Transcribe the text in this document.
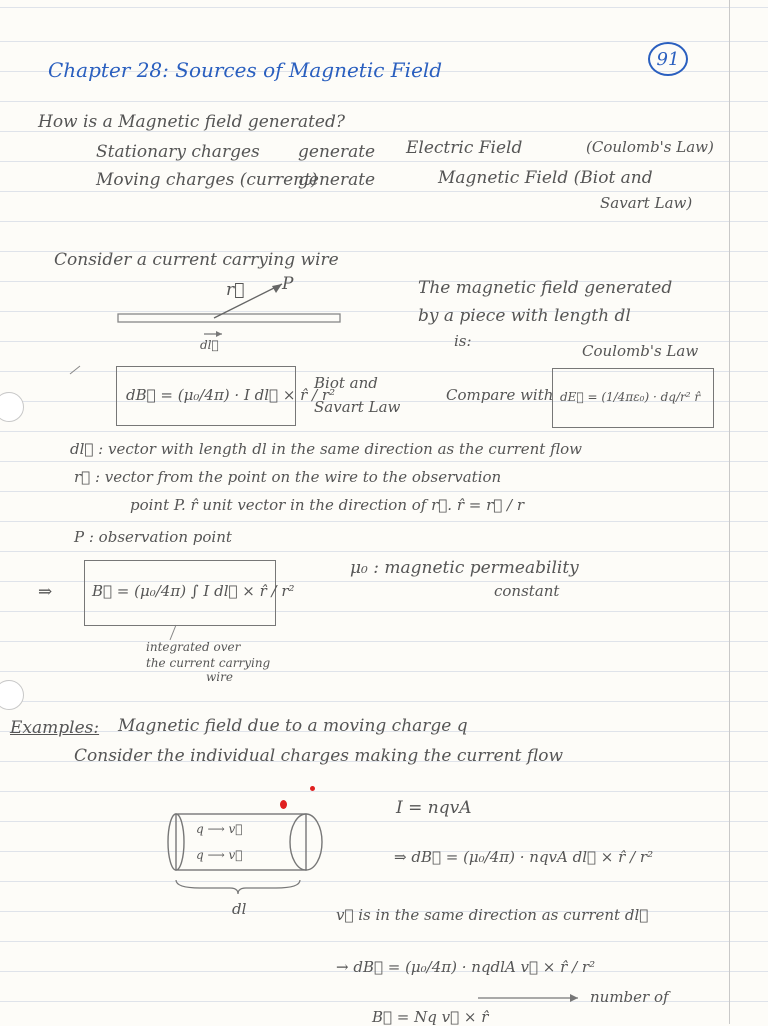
Chapter 28: Sources of Magnetic Field	91
How is a Magnetic field generated?
Stationary charges generate Electric Field	(Coulomb's Law)
Moving charges (current)
generate	Magnetic Field (Biot and
Savart Law)
Consider a current carrying wire
r⃗ P
dl⃗
The magnetic field generated
by a piece with length dl
is:
Coulomb's Law
dB⃗ = (μ₀/4π) · I dl⃗ × r̂ / r²
Biot and
Savart Law
Compare with dE⃗ = (1/4πε₀) · dq/r² r̂
dl⃗ : vector with length dl in the same direction as the current flow
r⃗ : vector from the point on the wire to the observation
point P. r̂ unit vector in the direction of r⃗. r̂ = r⃗ / r
P : observation point
⇒	B⃗ = (μ₀/4π) ∫ I dl⃗ × r̂ / r²
μ₀ : magnetic permeability
constant
integrated over
the current carrying
wire
Examples: Magnetic field due to a moving charge q
Consider the individual charges making the current flow
q ⟶ v⃗
q ⟶ v⃗
dl
I = nqvA
⇒ dB⃗ = (μ₀/4π) · nqvA dl⃗ × r̂ / r²
v⃗ is in the same direction as current dl⃗
→ dB⃗ = (μ₀/4π) · nqdlA v⃗ × r̂ / r²
number of
B⃗ = Nq v⃗ × r̂
